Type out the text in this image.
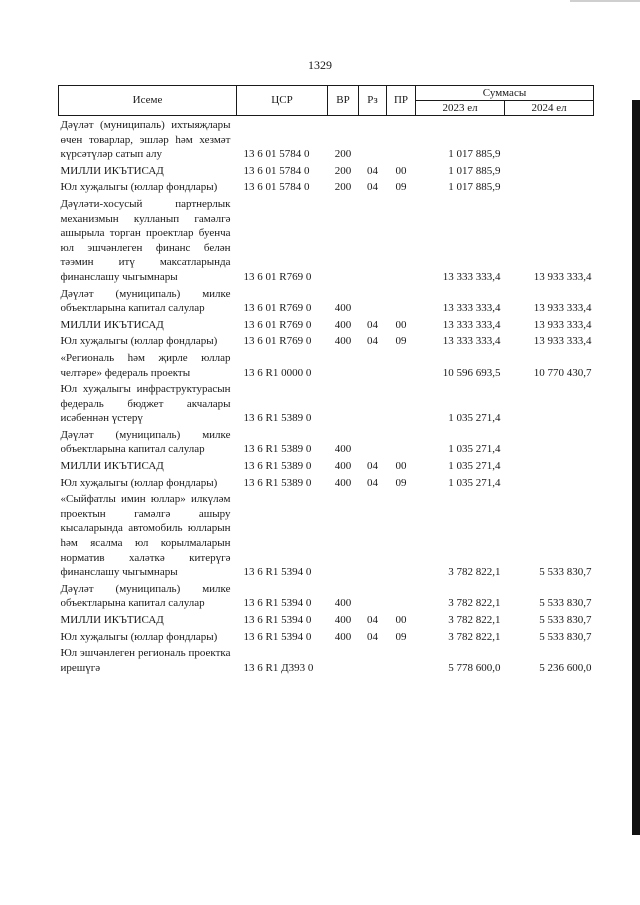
1329
Исеме	ЦСР	ВР	Рз	ПР	Суммасы	
					2023 ел	2024 ел
Дәүләт (муниципаль) ихтыяҗлары өчен товарлар, эшләр һәм хезмәт күрсәтүләр сатып алу	13 6 01 5784 0	200			1 017 885,9	
МИЛЛИ ИКЪТИСАД	13 6 01 5784 0	200	04	00	1 017 885,9	
Юл хуҗалыгы (юллар фондлары)	13 6 01 5784 0	200	04	09	1 017 885,9	
Дәүләти-хосусый партнерлык механизмын кулланып гамәлгә ашырыла торган проектлар буенча юл эшчәнлеген финанс белән тәэмин итү максатларында финанслашу чыгымнары	13 6 01 R769 0				13 333 333,4	13 933 333,4
Дәүләт (муниципаль) милке объектларына капитал салулар	13 6 01 R769 0	400			13 333 333,4	13 933 333,4
МИЛЛИ ИКЪТИСАД	13 6 01 R769 0	400	04	00	13 333 333,4	13 933 333,4
Юл хуҗалыгы (юллар фондлары)	13 6 01 R769 0	400	04	09	13 333 333,4	13 933 333,4
«Региональ һәм җирле юллар челтәре» федераль проекты	13 6 R1 0000 0				10 596 693,5	10 770 430,7
Юл хуҗалыгы инфраструктурасын федераль бюджет акчалары исәбеннән үстерү	13 6 R1 5389 0				1 035 271,4	
Дәүләт (муниципаль) милке объектларына капитал салулар	13 6 R1 5389 0	400			1 035 271,4	
МИЛЛИ ИКЪТИСАД	13 6 R1 5389 0	400	04	00	1 035 271,4	
Юл хуҗалыгы (юллар фондлары)	13 6 R1 5389 0	400	04	09	1 035 271,4	
«Сыйфатлы имин юллар» илкүләм проектын гамәлгә ашыру кысаларында автомобиль юлларын һәм ясалма юл корылмаларын норматив халәткә китерүгә финанслашу чыгымнары	13 6 R1 5394 0				3 782 822,1	5 533 830,7
Дәүләт (муниципаль) милке объектларына капитал салулар	13 6 R1 5394 0	400			3 782 822,1	5 533 830,7
МИЛЛИ ИКЪТИСАД	13 6 R1 5394 0	400	04	00	3 782 822,1	5 533 830,7
Юл хуҗалыгы (юллар фондлары)	13 6 R1 5394 0	400	04	09	3 782 822,1	5 533 830,7
Юл эшчәнлеген региональ проектка ирешүгә	13 6 R1 Д393 0				5 778 600,0	5 236 600,0
